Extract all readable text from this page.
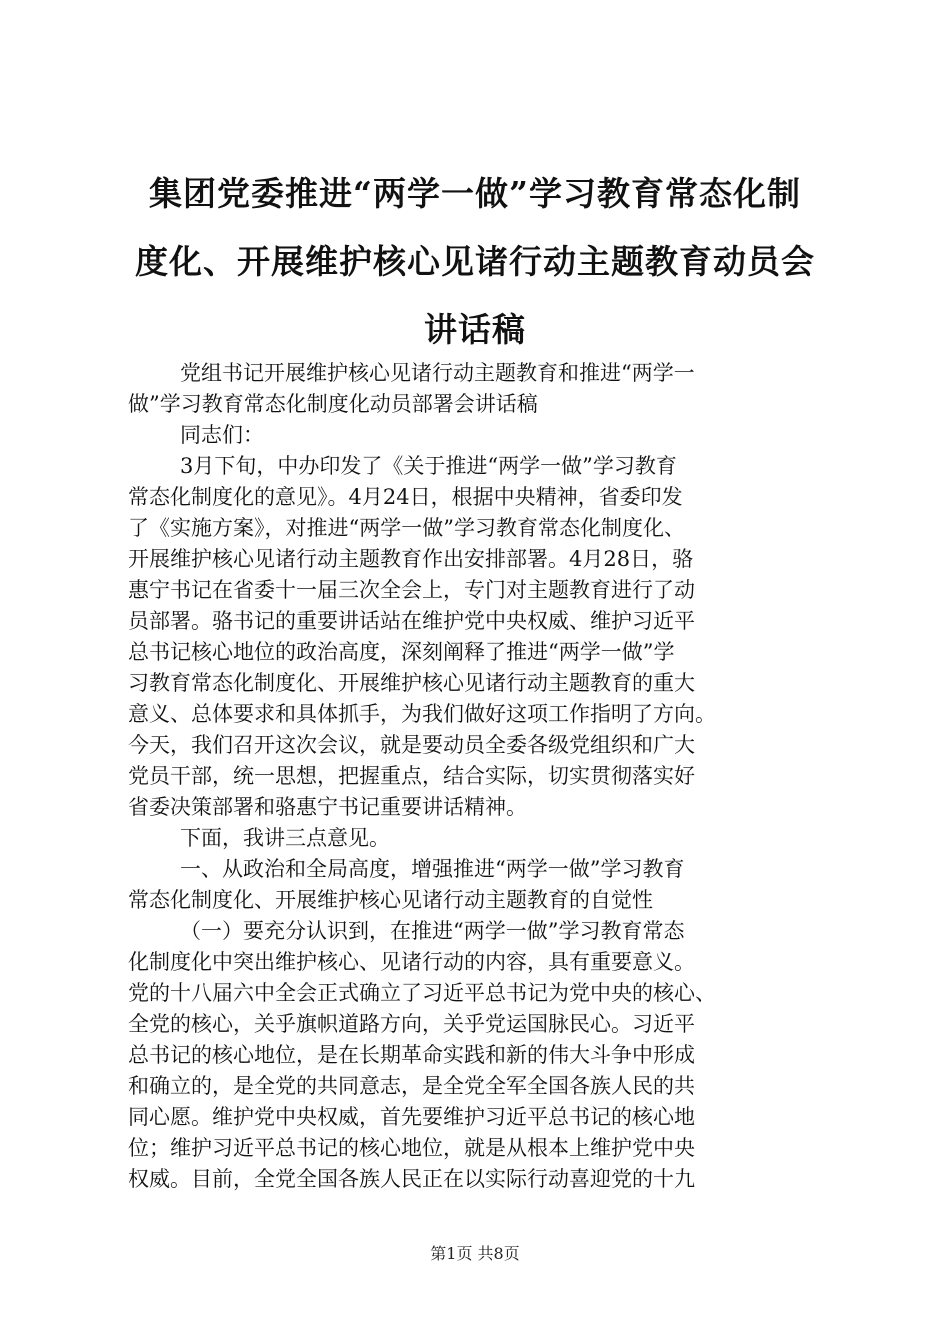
集团党委推进“两学一做”学习教育常态化制
度化、开展维护核心见诸行动主题教育动员会
讲话稿
党组书记开展维护核心见诸行动主题教育和推进“两学一
做”学习教育常态化制度化动员部署会讲话稿
同志们：
3月下旬，中办印发了《关于推进“两学一做”学习教育
常态化制度化的意见》。4月24日，根据中央精神，省委印发
了《实施方案》，对推进“两学一做”学习教育常态化制度化、
开展维护核心见诸行动主题教育作出安排部署。4月28日，骆
惠宁书记在省委十一届三次全会上，专门对主题教育进行了动
员部署。骆书记的重要讲话站在维护党中央权威、维护习近平
总书记核心地位的政治高度，深刻阐释了推进“两学一做”学
习教育常态化制度化、开展维护核心见诸行动主题教育的重大
意义、总体要求和具体抓手，为我们做好这项工作指明了方向。
今天，我们召开这次会议，就是要动员全委各级党组织和广大
党员干部，统一思想，把握重点，结合实际，切实贯彻落实好
省委决策部署和骆惠宁书记重要讲话精神。
下面，我讲三点意见。
一、从政治和全局高度，增强推进“两学一做”学习教育
常态化制度化、开展维护核心见诸行动主题教育的自觉性
（一）要充分认识到，在推进“两学一做”学习教育常态
化制度化中突出维护核心、见诸行动的内容，具有重要意义。
党的十八届六中全会正式确立了习近平总书记为党中央的核心、
全党的核心，关乎旗帜道路方向，关乎党运国脉民心。习近平
总书记的核心地位，是在长期革命实践和新的伟大斗争中形成
和确立的，是全党的共同意志，是全党全军全国各族人民的共
同心愿。维护党中央权威，首先要维护习近平总书记的核心地
位；维护习近平总书记的核心地位，就是从根本上维护党中央
权威。目前，全党全国各族人民正在以实际行动喜迎党的十九
第1页 共8页
